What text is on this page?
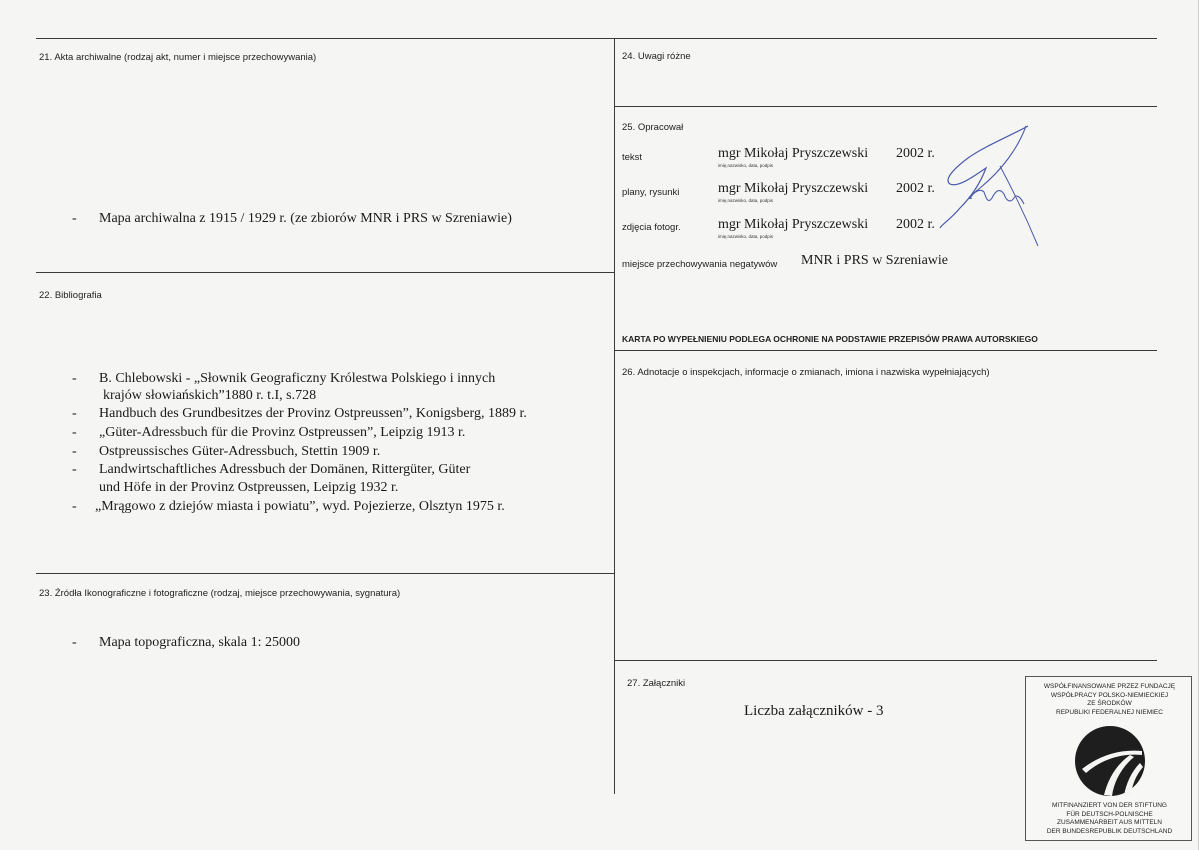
21. Akta archiwalne (rodzaj akt, numer i miejsce przechowywania)
- Mapa archiwalna z 1915 / 1929 r. (ze zbiorów MNR i PRS w Szreniawie)
22. Bibliografia
- B. Chlebowski - „Słownik Geograficzny Królestwa Polskiego i innych
krajów słowiańskich”1880 r. t.I, s.728
- Handbuch des Grundbesitzes der Provinz Ostpreussen”, Konigsberg, 1889 r.
- „Güter-Adressbuch für die Provinz Ostpreussen”, Leipzig 1913 r.
- Ostpreussisches Güter-Adressbuch, Stettin 1909 r.
- Landwirtschaftliches Adressbuch der Domänen, Rittergüter, Güter
und Höfe in der Provinz Ostpreussen, Leipzig 1932 r.
- „Mrągowo z dziejów miasta i powiatu”, wyd. Pojezierze, Olsztyn 1975 r.
23. Źródła Ikonograficzne i fotograficzne (rodzaj, miejsce przechowywania, sygnatura)
- Mapa topograficzna, skala 1: 25000
24. Uwagi różne
25. Opracował
tekst	mgr Mikołaj Pryszczewski 2002 r.
imię,nazwisko, data, podpis
plany, rysunki	mgr Mikołaj Pryszczewski 2002 r.
imię,nazwisko, data, podpis
zdjęcia fotogr.	mgr Mikołaj Pryszczewski 2002 r.
imię,nazwisko, data, podpis
miejsce przechowywania negatywów MNR i PRS w Szreniawie
KARTA PO WYPEŁNIENIU PODLEGA OCHRONIE NA PODSTAWIE PRZEPISÓW PRAWA AUTORSKIEGO
26. Adnotacje o inspekcjach, informacje o zmianach, imiona i nazwiska wypełniających)
27. Załączniki
Liczba załączników - 3
WSPÓŁFINANSOWANE PRZEZ FUNDACJĘ
WSPÓŁPRACY POLSKO-NIEMIECKIEJ
ZE ŚRODKÓW
REPUBLIKI FEDERALNEJ NIEMIEC
MITFINANZIERT VON DER STIFTUNG
FÜR DEUTSCH-POLNISCHE
ZUSAMMENARBEIT AUS MITTELN
DER BUNDESREPUBLIK DEUTSCHLAND
